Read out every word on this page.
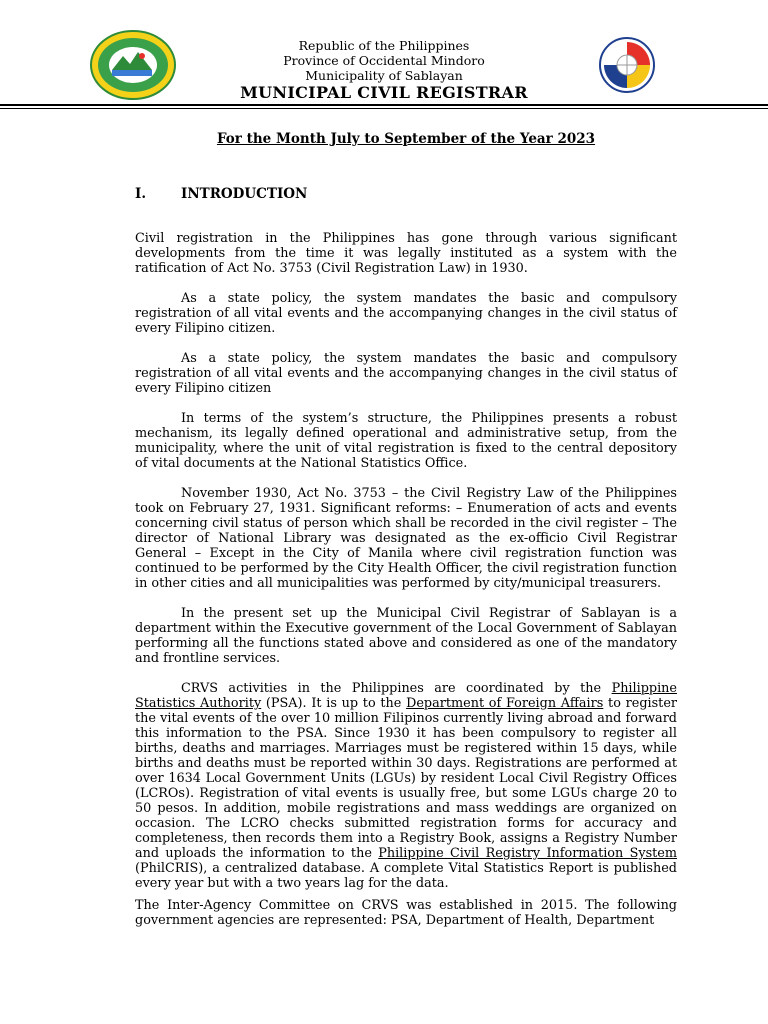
Republic of the Philippines
Province of Occidental Mindoro
Municipality of Sablayan
MUNICIPAL CIVIL REGISTRAR
For the Month July to September of the Year 2023
I.	INTRODUCTION

Civil registration in the Philippines has gone through various significant developments from the time it was legally instituted as a system with the ratification of Act No. 3753 (Civil Registration Law) in 1930.

As a state policy, the system mandates the basic and compulsory registration of all vital events and the accompanying changes in the civil status of every Filipino citizen.

As a state policy, the system mandates the basic and compulsory registration of all vital events and the accompanying changes in the civil status of every Filipino citizen

In terms of the system’s structure, the Philippines presents a robust mechanism, its legally defined operational and administrative setup, from the municipality, where the unit of vital registration is fixed to the central depository of vital documents at the National Statistics Office.

November 1930, Act No. 3753 – the Civil Registry Law of the Philippines took on February 27, 1931. Significant reforms: – Enumeration of acts and events concerning civil status of person which shall be recorded in the civil register – The director of National Library was designated as the ex-officio Civil Registrar General – Except in the City of Manila where civil registration function was continued to be performed by the City Health Officer, the civil registration function in other cities and all municipalities was performed by city/municipal treasurers.

In the present set up the Municipal Civil Registrar of Sablayan is a department within the Executive government of the Local Government of Sablayan performing all the functions stated above and considered as one of the mandatory and frontline services.

CRVS activities in the Philippines are coordinated by the Philippine Statistics Authority (PSA). It is up to the Department of Foreign Affairs to register the vital events of the over 10 million Filipinos currently living abroad and forward this information to the PSA. Since 1930 it has been compulsory to register all births, deaths and marriages. Marriages must be registered within 15 days, while births and deaths must be reported within 30 days. Registrations are performed at over 1634 Local Government Units (LGUs) by resident Local Civil Registry Offices (LCROs). Registration of vital events is usually free, but some LGUs charge 20 to 50 pesos. In addition, mobile registrations and mass weddings are organized on occasion. The LCRO checks submitted registration forms for accuracy and completeness, then records them into a Registry Book, assigns a Registry Number and uploads the information to the Philippine Civil Registry Information System (PhilCRIS), a centralized database. A complete Vital Statistics Report is published every year but with a two years lag for the data.

The Inter-Agency Committee on CRVS was established in 2015. The following government agencies are represented: PSA, Department of Health, Department
